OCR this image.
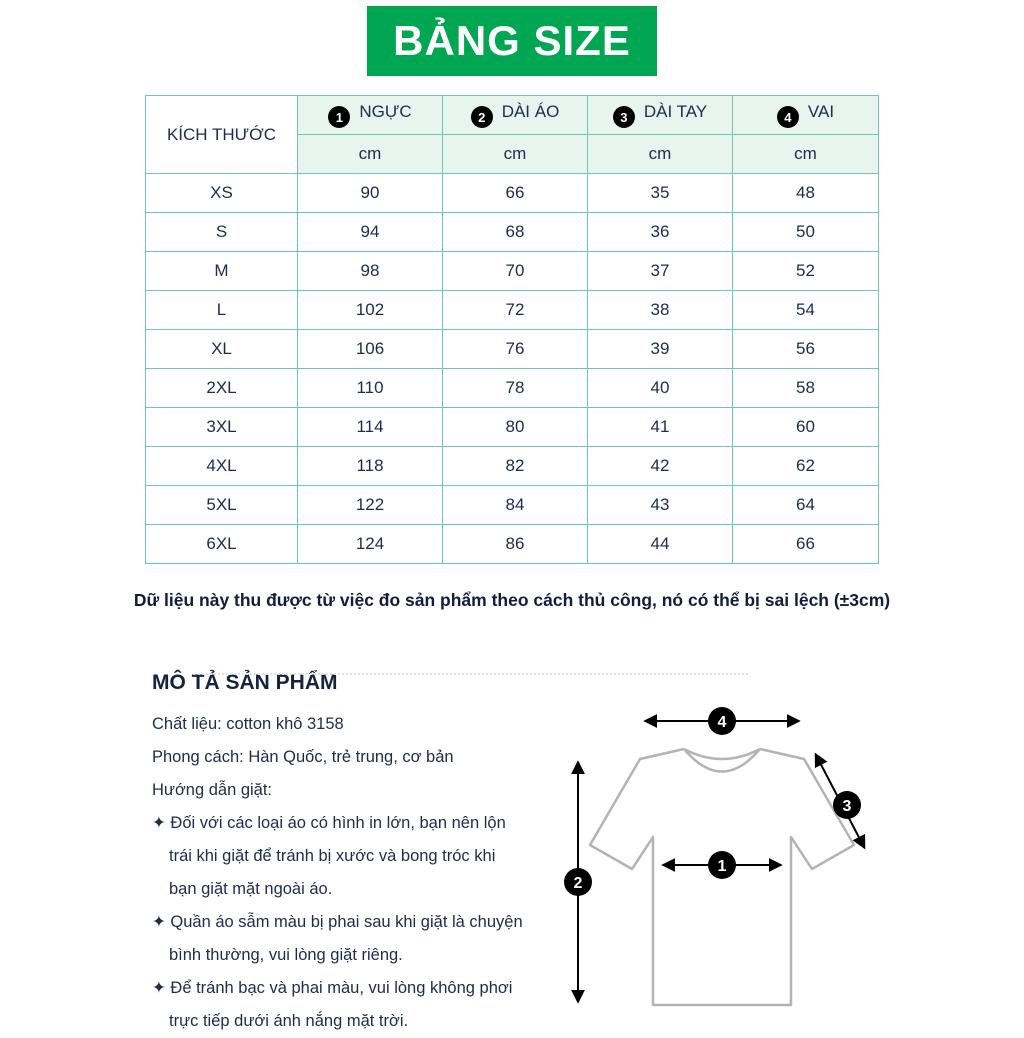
BẢNG SIZE
KÍCH THƯỚC	1 NGỰC	2 DÀI ÁO	3 DÀI TAY	4 VAI
	cm	cm	cm	cm
XS	90	66	35	48
S	94	68	36	50
M	98	70	37	52
L	102	72	38	54
XL	106	76	39	56
2XL	110	78	40	58
3XL	114	80	41	60
4XL	118	82	42	62
5XL	122	84	43	64
6XL	124	86	44	66
Dữ liệu này thu được từ việc đo sản phẩm theo cách thủ công, nó có thể bị sai lệch (±3cm)
MÔ TẢ SẢN PHẨM
Chất liệu: cotton khô 3158
Phong cách: Hàn Quốc, trẻ trung, cơ bản
Hướng dẫn giặt:
✦ Đối với các loại áo có hình in lớn, bạn nên lộn
trái khi giặt để tránh bị xước và bong tróc khi
bạn giặt mặt ngoài áo.
✦ Quần áo sẫm màu bị phai sau khi giặt là chuyện
bình thường, vui lòng giặt riêng.
✦ Để tránh bạc và phai màu, vui lòng không phơi
trực tiếp dưới ánh nắng mặt trời.
4
2
1
3
